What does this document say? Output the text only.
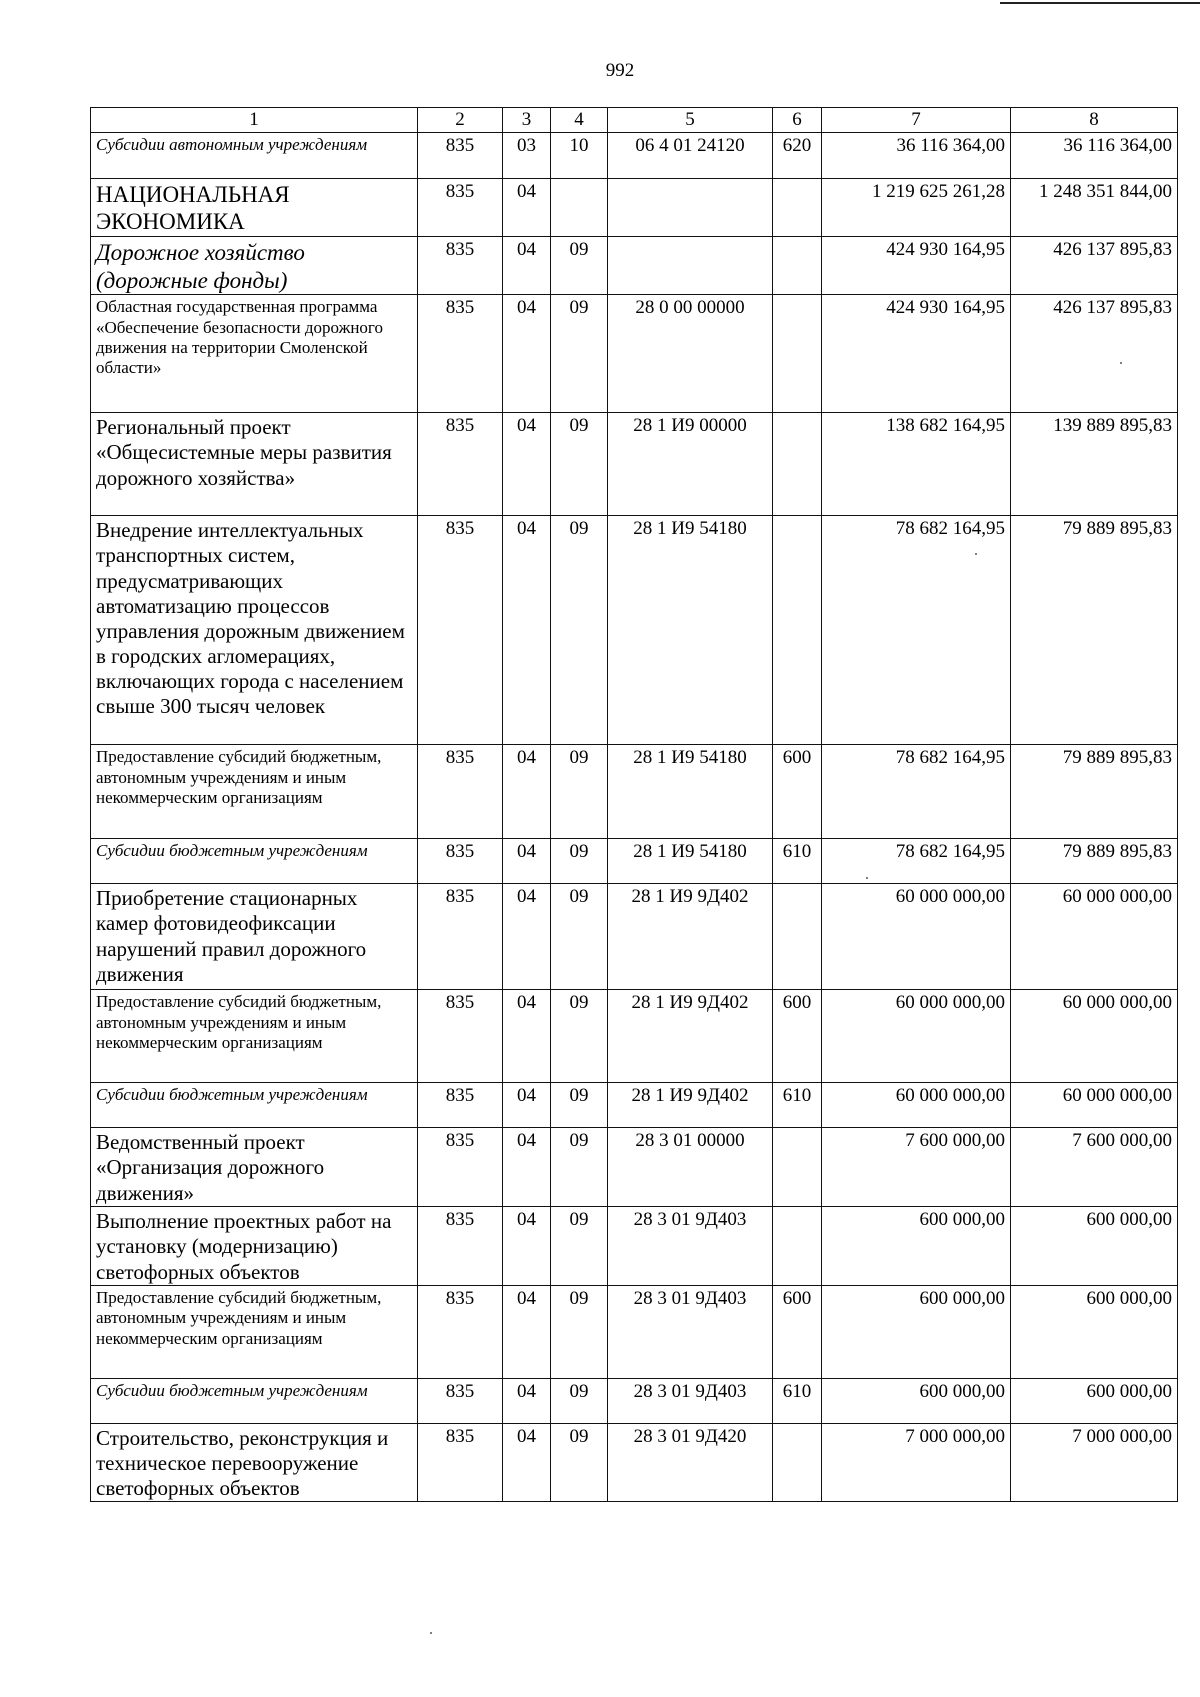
992
1	2	3	4	5	6	7	8
Субсидии автономным учреждениям	835	03	10	06 4 01 24120	620	36 116 364,00	36 116 364,00
НАЦИОНАЛЬНАЯ ЭКОНОМИКА	835	04				1 219 625 261,28	1 248 351 844,00
Дорожное хозяйство (дорожные фонды)	835	04	09			424 930 164,95	426 137 895,83
Областная государственная программа «Обеспечение безопасности дорожного движения на территории Смоленской области»	835	04	09	28 0 00 00000		424 930 164,95	426 137 895,83
Региональный проект «Общесистемные меры развития дорожного хозяйства»	835	04	09	28 1 И9 00000		138 682 164,95	139 889 895,83
Внедрение интеллектуальных транспортных систем, предусматривающих автоматизацию процессов управления дорожным движением в городских агломерациях, включающих города с населением свыше 300 тысяч человек	835	04	09	28 1 И9 54180		78 682 164,95	79 889 895,83
Предоставление субсидий бюджетным, автономным учреждениям и иным некоммерческим организациям	835	04	09	28 1 И9 54180	600	78 682 164,95	79 889 895,83
Субсидии бюджетным учреждениям	835	04	09	28 1 И9 54180	610	78 682 164,95	79 889 895,83
Приобретение стационарных камер фотовидеофиксации нарушений правил дорожного движения	835	04	09	28 1 И9 9Д402		60 000 000,00	60 000 000,00
Предоставление субсидий бюджетным, автономным учреждениям и иным некоммерческим организациям	835	04	09	28 1 И9 9Д402	600	60 000 000,00	60 000 000,00
Субсидии бюджетным учреждениям	835	04	09	28 1 И9 9Д402	610	60 000 000,00	60 000 000,00
Ведомственный проект «Организация дорожного движения»	835	04	09	28 3 01 00000		7 600 000,00	7 600 000,00
Выполнение проектных работ на установку (модернизацию) светофорных объектов	835	04	09	28 3 01 9Д403		600 000,00	600 000,00
Предоставление субсидий бюджетным, автономным учреждениям и иным некоммерческим организациям	835	04	09	28 3 01 9Д403	600	600 000,00	600 000,00
Субсидии бюджетным учреждениям	835	04	09	28 3 01 9Д403	610	600 000,00	600 000,00
Строительство, реконструкция и техническое перевооружение светофорных объектов	835	04	09	28 3 01 9Д420		7 000 000,00	7 000 000,00
